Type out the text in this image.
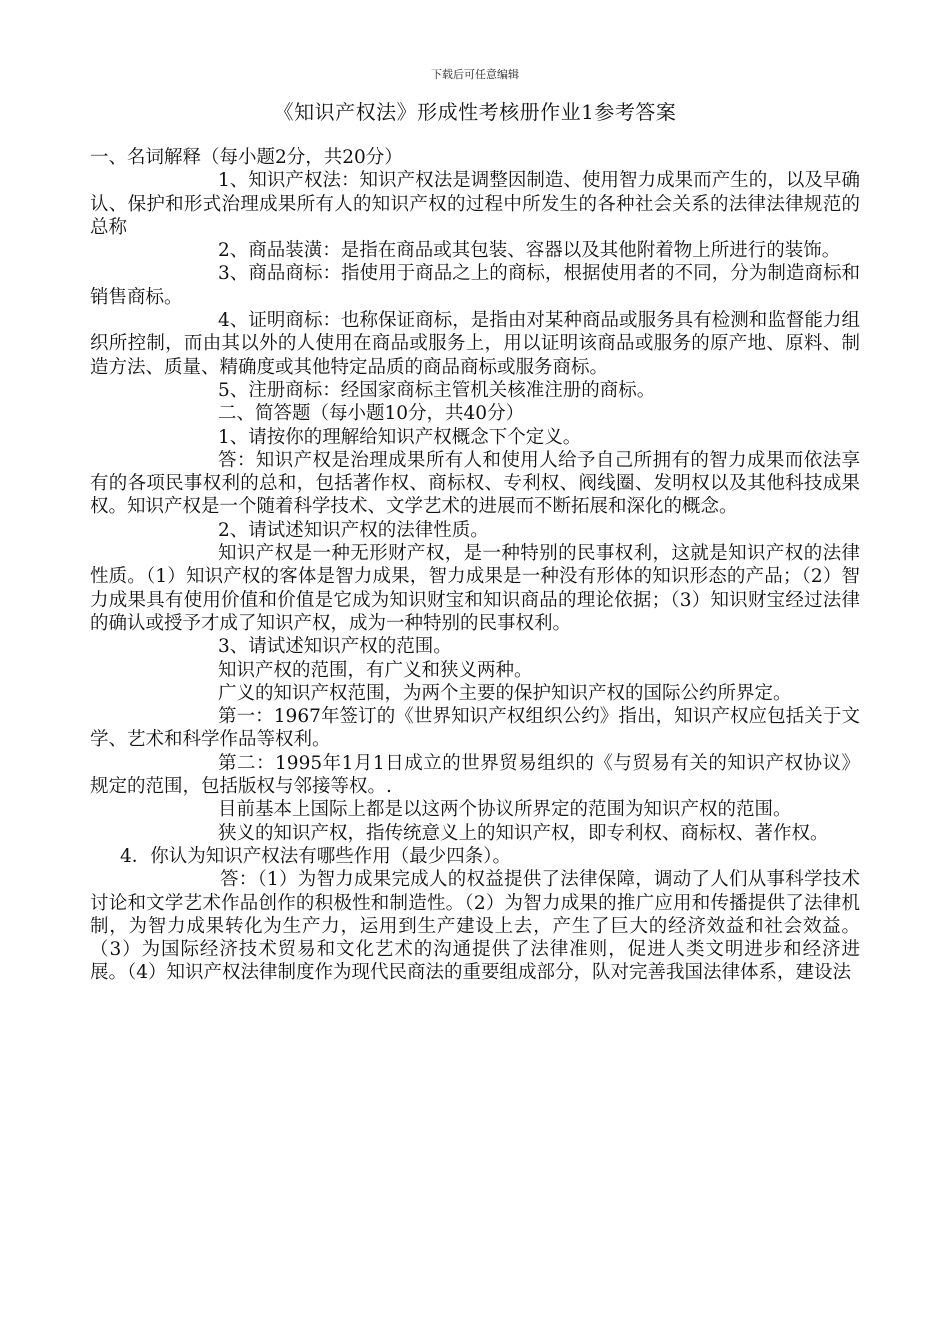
下载后可任意编辑
《知识产权法》形成性考核册作业1参考答案

一、名词解释（每小题2分，共20分）

1、知识产权法：知识产权法是调整因制造、使用智力成果而产生的，以及早确认、保护和形式治理成果所有人的知识产权的过程中所发生的各种社会关系的法律法律规范的总称

2、商品装潢：是指在商品或其包装、容器以及其他附着物上所进行的装饰。

3、商品商标：指使用于商品之上的商标，根据使用者的不同，分为制造商标和销售商标。

4、证明商标：也称保证商标，是指由对某种商品或服务具有检测和监督能力组织所控制，而由其以外的人使用在商品或服务上，用以证明该商品或服务的原产地、原料、制造方法、质量、精确度或其他特定品质的商品商标或服务商标。

5、注册商标：经国家商标主管机关核准注册的商标。

二、简答题（每小题10分，共40分）

1、请按你的理解给知识产权概念下个定义。

答：知识产权是治理成果所有人和使用人给予自己所拥有的智力成果而依法享有的各项民事权利的总和，包括著作权、商标权、专利权、阀线圈、发明权以及其他科技成果权。知识产权是一个随着科学技术、文学艺术的进展而不断拓展和深化的概念。

2、请试述知识产权的法律性质。

知识产权是一种无形财产权，是一种特别的民事权利，这就是知识产权的法律性质。（1）知识产权的客体是智力成果，智力成果是一种没有形体的知识形态的产品；（2）智力成果具有使用价值和价值是它成为知识财宝和知识商品的理论依据；（3）知识财宝经过法律的确认或授予才成了知识产权，成为一种特别的民事权利。

3、请试述知识产权的范围。

知识产权的范围，有广义和狭义两种。

广义的知识产权范围，为两个主要的保护知识产权的国际公约所界定。

第一：1967年签订的《世界知识产权组织公约》指出，知识产权应包括关于文学、艺术和科学作品等权利。

第二：1995年1月1日成立的世界贸易组织的《与贸易有关的知识产权协议》规定的范围，包括版权与邻接等权。.

目前基本上国际上都是以这两个协议所界定的范围为知识产权的范围。

狭义的知识产权，指传统意义上的知识产权，即专利权、商标权、著作权。

4．你认为知识产权法有哪些作用（最少四条）。

答：（1）为智力成果完成人的权益提供了法律保障，调动了人们从事科学技术讨论和文学艺术作品创作的积极性和制造性。（2）为智力成果的推广应用和传播提供了法律机制，为智力成果转化为生产力，运用到生产建设上去，产生了巨大的经济效益和社会效益。（3）为国际经济技术贸易和文化艺术的沟通提供了法律准则，促进人类文明进步和经济进展。（4）知识产权法律制度作为现代民商法的重要组成部分，队对完善我国法律体系，建设法
